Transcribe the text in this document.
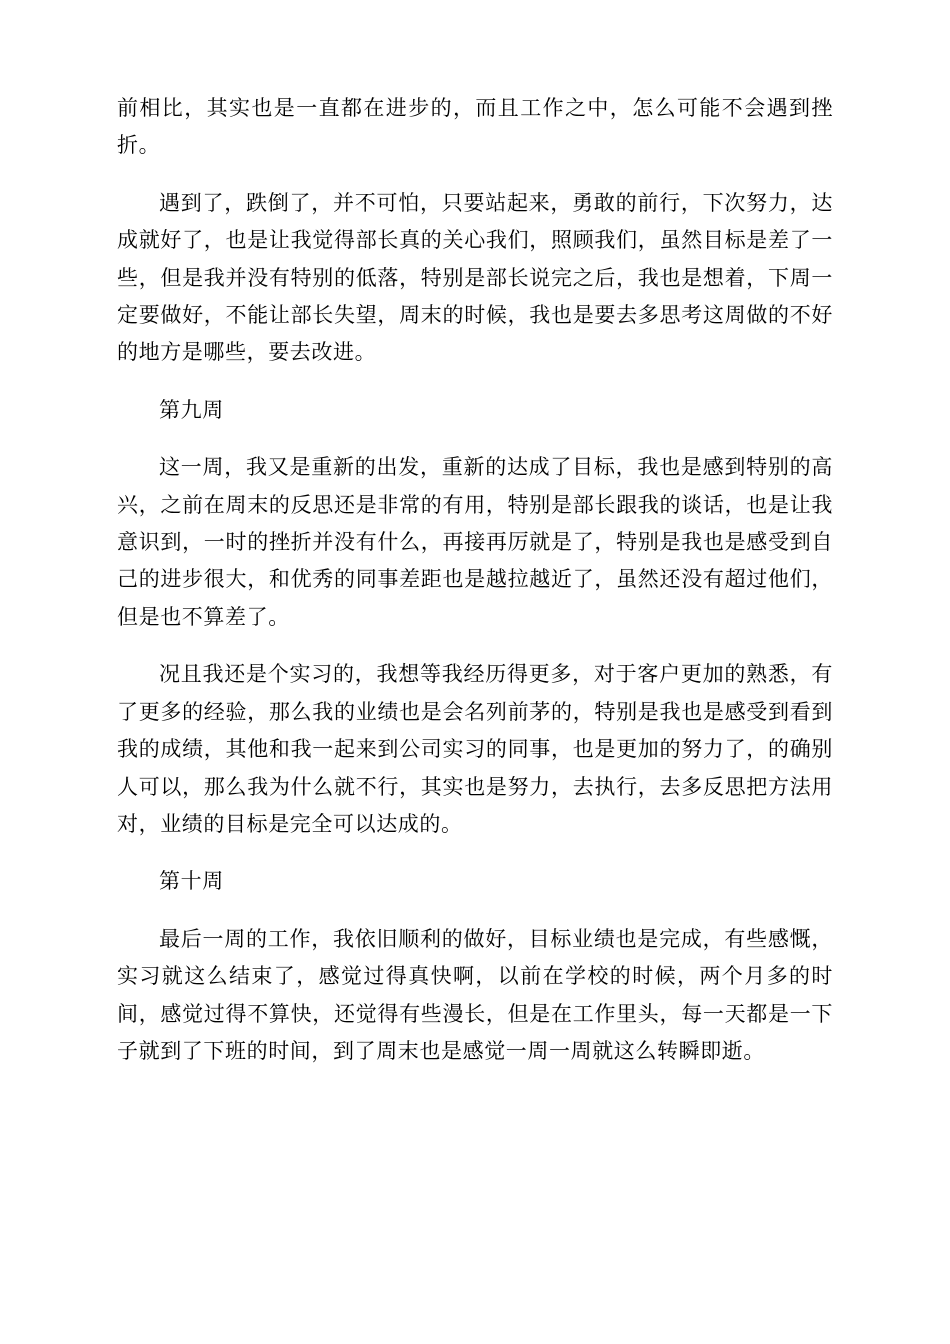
前相比，其实也是一直都在进步的，而且工作之中，怎么可能不会遇到挫折。

遇到了，跌倒了，并不可怕，只要站起来，勇敢的前行，下次努力，达成就好了，也是让我觉得部长真的关心我们，照顾我们，虽然目标是差了一些，但是我并没有特别的低落，特别是部长说完之后，我也是想着，下周一定要做好，不能让部长失望，周末的时候，我也是要去多思考这周做的不好的地方是哪些，要去改进。

第九周

这一周，我又是重新的出发，重新的达成了目标，我也是感到特别的高兴，之前在周末的反思还是非常的有用，特别是部长跟我的谈话，也是让我意识到，一时的挫折并没有什么，再接再厉就是了，特别是我也是感受到自己的进步很大，和优秀的同事差距也是越拉越近了，虽然还没有超过他们，但是也不算差了。

况且我还是个实习的，我想等我经历得更多，对于客户更加的熟悉，有了更多的经验，那么我的业绩也是会名列前茅的，特别是我也是感受到看到我的成绩，其他和我一起来到公司实习的同事，也是更加的努力了，的确别人可以，那么我为什么就不行，其实也是努力，去执行，去多反思把方法用对，业绩的目标是完全可以达成的。

第十周

最后一周的工作，我依旧顺利的做好，目标业绩也是完成，有些感慨，实习就这么结束了，感觉过得真快啊，以前在学校的时候，两个月多的时间，感觉过得不算快，还觉得有些漫长，但是在工作里头，每一天都是一下子就到了下班的时间，到了周末也是感觉一周一周就这么转瞬即逝。
